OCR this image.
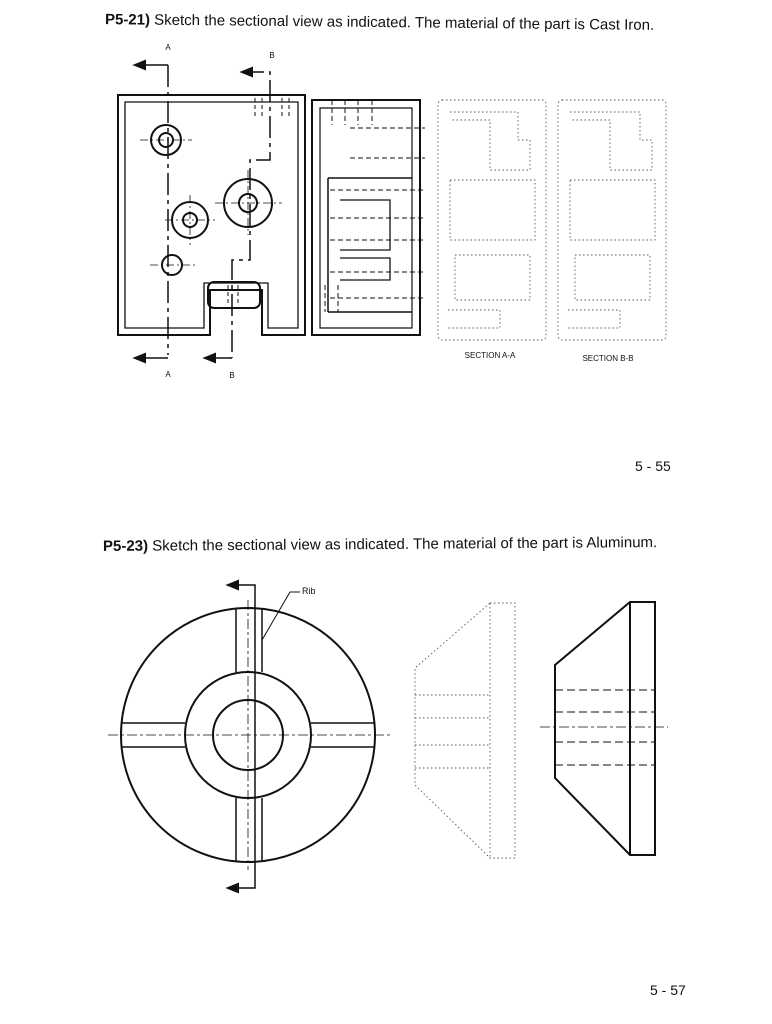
P5-21) Sketch the sectional view as indicated. The material of the part is Cast Iron.
A
B
A	B
SECTION A-A	SECTION B-B
5 - 55
P5-23) Sketch the sectional view as indicated. The material of the part is Aluminum.
Rib
5 - 57
